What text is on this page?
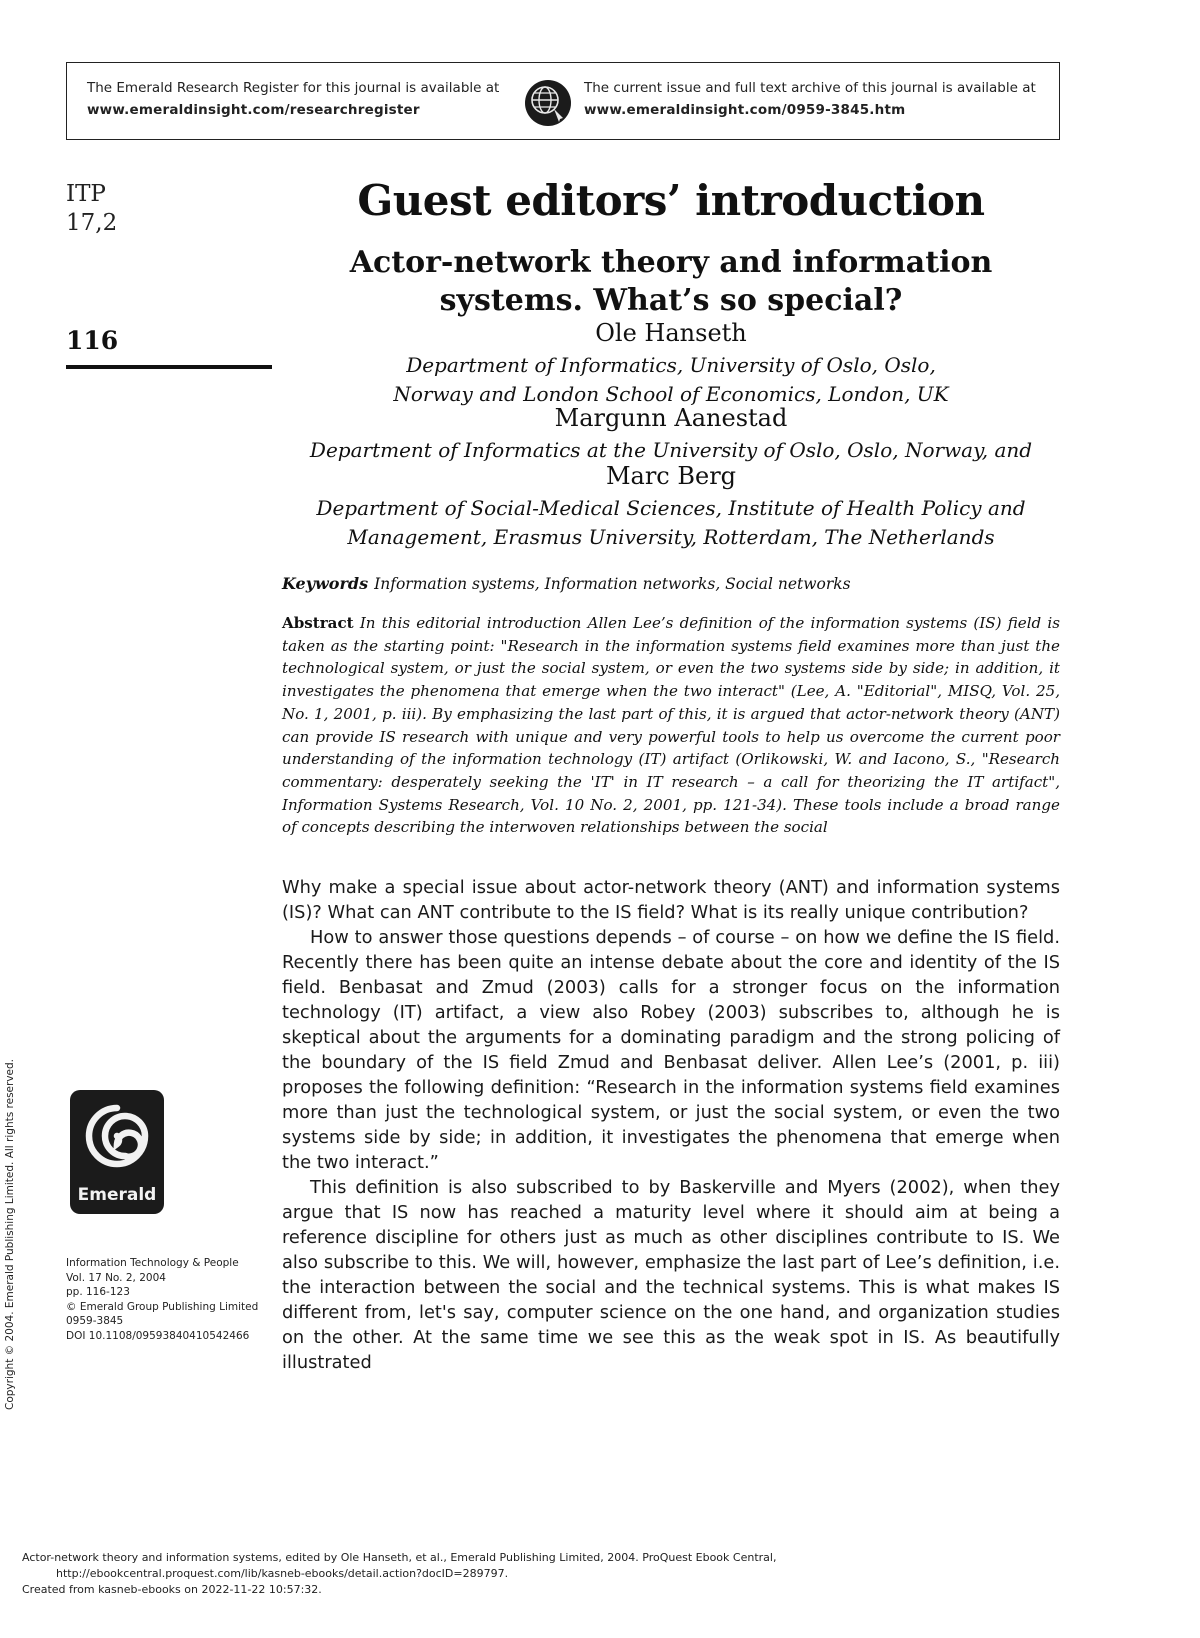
The Emerald Research Register for this journal is available at
www.emeraldinsight.com/researchregister
The current issue and full text archive of this journal is available at
www.emeraldinsight.com/0959-3845.htm
ITP
17,2
116
Guest editors’ introduction
Actor-network theory and information
systems. What’s so special?
Ole Hanseth
Department of Informatics, University of Oslo, Oslo,
Norway and London School of Economics, London, UK
Margunn Aanestad
Department of Informatics at the University of Oslo, Oslo, Norway, and
Marc Berg
Department of Social-Medical Sciences, Institute of Health Policy and
Management, Erasmus University, Rotterdam, The Netherlands
Keywords Information systems, Information networks, Social networks
Abstract In this editorial introduction Allen Lee’s definition of the information systems (IS) field is taken as the starting point: "Research in the information systems field examines more than just the technological system, or just the social system, or even the two systems side by side; in addition, it investigates the phenomena that emerge when the two interact" (Lee, A. "Editorial", MISQ, Vol. 25, No. 1, 2001, p. iii). By emphasizing the last part of this, it is argued that actor-network theory (ANT) can provide IS research with unique and very powerful tools to help us overcome the current poor understanding of the information technology (IT) artifact (Orlikowski, W. and Iacono, S., "Research commentary: desperately seeking the 'IT' in IT research – a call for theorizing the IT artifact", Information Systems Research, Vol. 10 No. 2, 2001, pp. 121-34). These tools include a broad range of concepts describing the interwoven relationships between the social

Why make a special issue about actor-network theory (ANT) and information systems (IS)? What can ANT contribute to the IS field? What is its really unique contribution?

How to answer those questions depends – of course – on how we define the IS field. Recently there has been quite an intense debate about the core and identity of the IS field. Benbasat and Zmud (2003) calls for a stronger focus on the information technology (IT) artifact, a view also Robey (2003) subscribes to, although he is skeptical about the arguments for a dominating paradigm and the strong policing of the boundary of the IS field Zmud and Benbasat deliver. Allen Lee’s (2001, p. iii) proposes the following definition: “Research in the information systems field examines more than just the technological system, or just the social system, or even the two systems side by side; in addition, it investigates the phenomena that emerge when the two interact.”

This definition is also subscribed to by Baskerville and Myers (2002), when they argue that IS now has reached a maturity level where it should aim at being a reference discipline for others just as much as other disciplines contribute to IS. We also subscribe to this. We will, however, emphasize the last part of Lee’s definition, i.e. the interaction between the social and the technical systems. This is what makes IS different from, let's say, computer science on the one hand, and organization studies on the other. At the same time we see this as the weak spot in IS. As beautifully illustrated

Emerald
Information Technology & People
Vol. 17 No. 2, 2004
pp. 116-123
© Emerald Group Publishing Limited
0959-3845
DOI 10.1108/09593840410542466
Copyright © 2004. Emerald Publishing Limited. All rights reserved.
Actor-network theory and information systems, edited by Ole Hanseth, et al., Emerald Publishing Limited, 2004. ProQuest Ebook Central,
http://ebookcentral.proquest.com/lib/kasneb-ebooks/detail.action?docID=289797.
Created from kasneb-ebooks on 2022-11-22 10:57:32.
